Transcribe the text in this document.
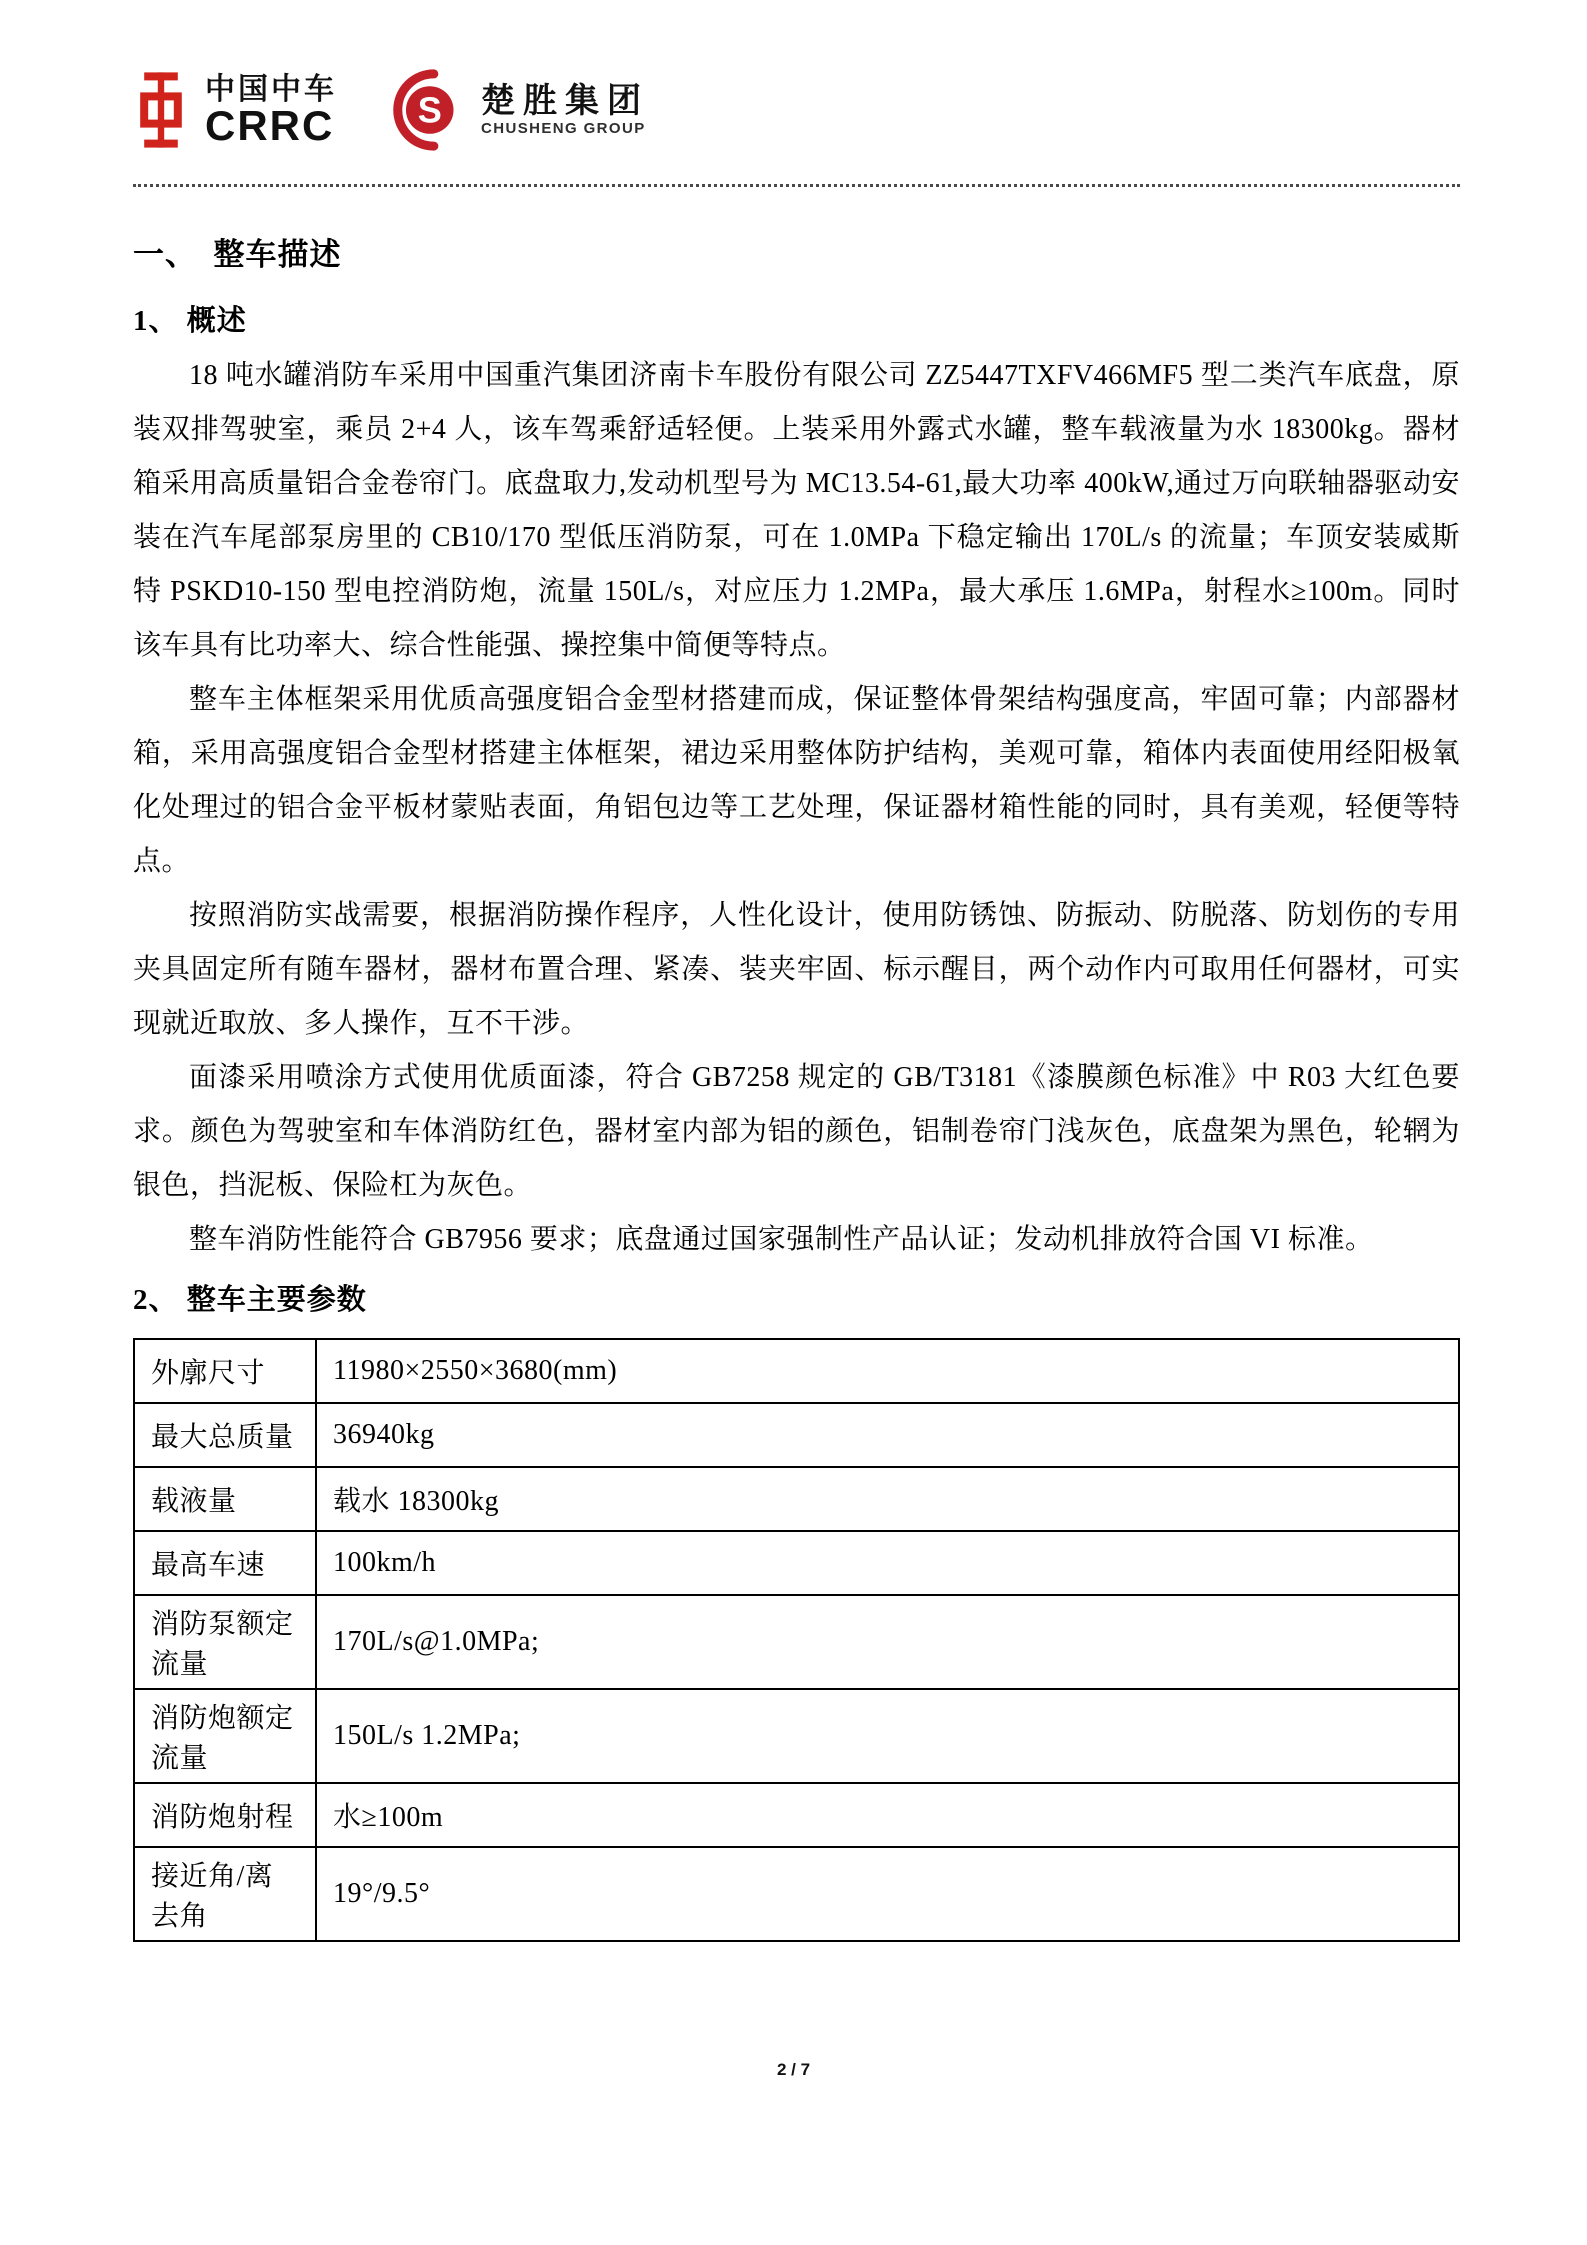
中国中车
CRRC S 楚胜集团
CHUSHENG GROUP
一、　整车描述
1、 概述

18 吨水罐消防车采用中国重汽集团济南卡车股份有限公司 ZZ5447TXFV466MF5 型二类汽车底盘，原装双排驾驶室，乘员 2+4 人，该车驾乘舒适轻便。上装采用外露式水罐，整车载液量为水 18300kg。器材箱采用高质量铝合金卷帘门。底盘取力,发动机型号为 MC13.54-61,最大功率 400kW,通过万向联轴器驱动安装在汽车尾部泵房里的 CB10/170 型低压消防泵，可在 1.0MPa 下稳定输出 170L/s 的流量；车顶安装威斯特 PSKD10-150 型电控消防炮，流量 150L/s，对应压力 1.2MPa，最大承压 1.6MPa，射程水≥100m。同时该车具有比功率大、综合性能强、操控集中简便等特点。

整车主体框架采用优质高强度铝合金型材搭建而成，保证整体骨架结构强度高，牢固可靠；内部器材箱，采用高强度铝合金型材搭建主体框架，裙边采用整体防护结构，美观可靠，箱体内表面使用经阳极氧化处理过的铝合金平板材蒙贴表面，角铝包边等工艺处理，保证器材箱性能的同时，具有美观，轻便等特点。

按照消防实战需要，根据消防操作程序，人性化设计，使用防锈蚀、防振动、防脱落、防划伤的专用夹具固定所有随车器材，器材布置合理、紧凑、装夹牢固、标示醒目，两个动作内可取用任何器材，可实现就近取放、多人操作，互不干涉。

面漆采用喷涂方式使用优质面漆，符合 GB7258 规定的 GB/T3181《漆膜颜色标准》中 R03 大红色要求。颜色为驾驶室和车体消防红色，器材室内部为铝的颜色，铝制卷帘门浅灰色，底盘架为黑色，轮辋为银色，挡泥板、保险杠为灰色。

整车消防性能符合 GB7956 要求；底盘通过国家强制性产品认证；发动机排放符合国 VI 标准。

2、 整车主要参数
外廓尺寸	11980×2550×3680(mm)
最大总质量	36940kg
载液量	载水 18300kg
最高车速	100km/h
消防泵额定流量	170L/s@1.0MPa;
消防炮额定流量	150L/s 1.2MPa;
消防炮射程	水≥100m
接近角/离去角	19°/9.5°
2 / 7
